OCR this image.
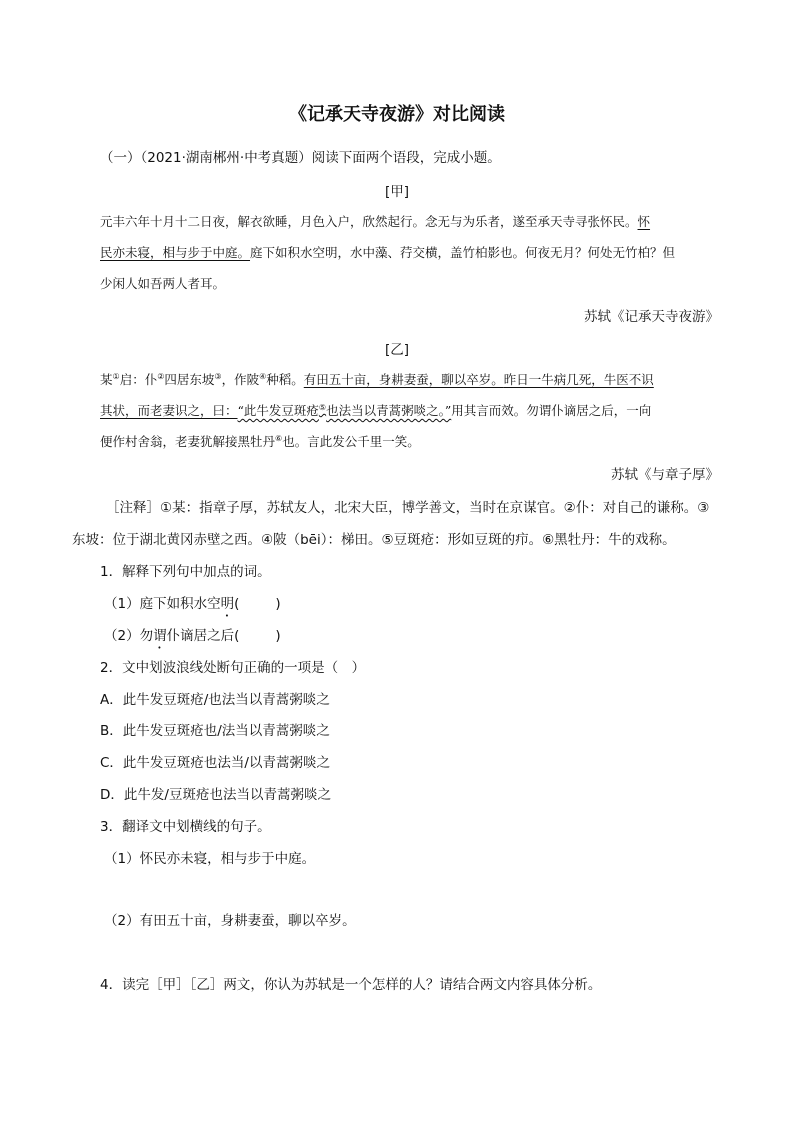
《记承天寺夜游》对比阅读
（一）（2021·湖南郴州·中考真题）阅读下面两个语段，完成小题。
[甲]
元丰六年十月十二日夜，解衣欲睡，月色入户，欣然起行。念无与为乐者，遂至承天寺寻张怀民。怀
民亦未寝，相与步于中庭。庭下如积水空明，水中藻、荇交横，盖竹柏影也。何夜无月？何处无竹柏？但
少闲人如吾两人者耳。
苏轼《记承天寺夜游》
[乙]
某①启：仆②四居东坡③，作陂④种稻。有田五十亩，身耕妻蚕，聊以卒岁。昨日一牛病几死，牛医不识
其状，而老妻识之，曰：“此牛发豆斑疮⑤也法当以青蒿粥啖之。”用其言而效。勿谓仆谪居之后，一向
便作村舍翁，老妻犹解接黑牡丹⑥也。言此发公千里一笑。
苏轼《与章子厚》
［注释］①某：指章子厚，苏轼友人，北宋大臣，博学善文，当时在京谋官。②仆：对自己的谦称。③
东坡：位于湖北黄冈赤壁之西。④陂（bēi）：梯田。⑤豆斑疮：形如豆斑的疖。⑥黑牡丹：牛的戏称。
1．解释下列句中加点的词。
（1）庭下如积水空明(	)
（2）勿谓仆谪居之后(	)
2．文中划波浪线处断句正确的一项是（　）
A．此牛发豆斑疮/也法当以青蒿粥啖之
B．此牛发豆斑疮也/法当以青蒿粥啖之
C．此牛发豆斑疮也法当/以青蒿粥啖之
D．此牛发/豆斑疮也法当以青蒿粥啖之
3．翻译文中划横线的句子。
（1）怀民亦未寝，相与步于中庭。
（2）有田五十亩，身耕妻蚕，聊以卒岁。
4．读完［甲］［乙］两文，你认为苏轼是一个怎样的人？请结合两文内容具体分析。
